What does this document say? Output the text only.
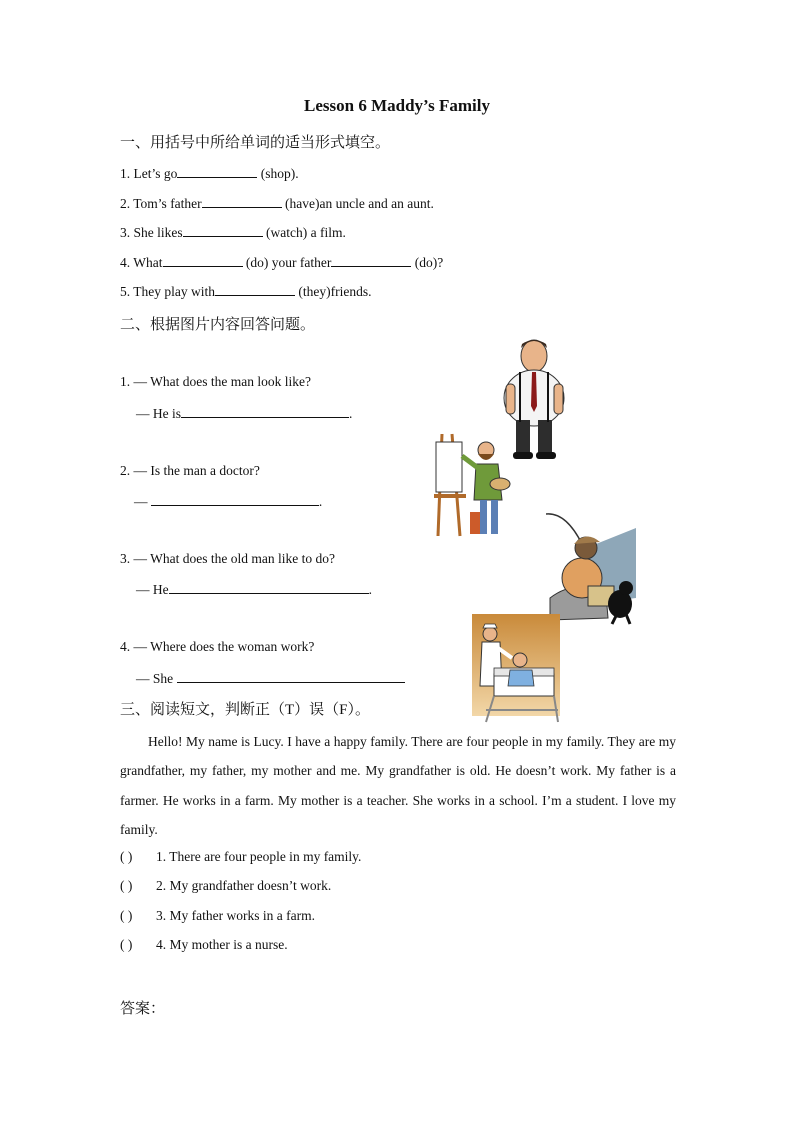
Lesson 6 Maddy’s Family
一、用括号中所给单词的适当形式填空。
1. Let’s go	(shop).
2. Tom’s father	(have)an uncle and an aunt.
3. She likes	(watch) a film.
4. What	(do) your father	(do)?
5. They play with	(they)friends.
二、根据图片内容回答问题。
1. — What does the man look like?
— He is	.
2. — Is the man a doctor?
—	.
3. — What does the old man like to do?
— He	.
4. — Where does the woman work?
— She
三、阅读短文，判断正（T）误（F）。
Hello! My name is Lucy. I have a happy family. There are four people in my family. They are my grandfather, my father, my mother and me. My grandfather is old. He doesn’t work. My father is a farmer. He works in a farm. My mother is a teacher. She works in a school. I’m a student. I love my family.
( ) 1. There are four people in my family.
( ) 2. My grandfather doesn’t work.
( ) 3. My father works in a farm.
( ) 4. My mother is a nurse.
答案：
